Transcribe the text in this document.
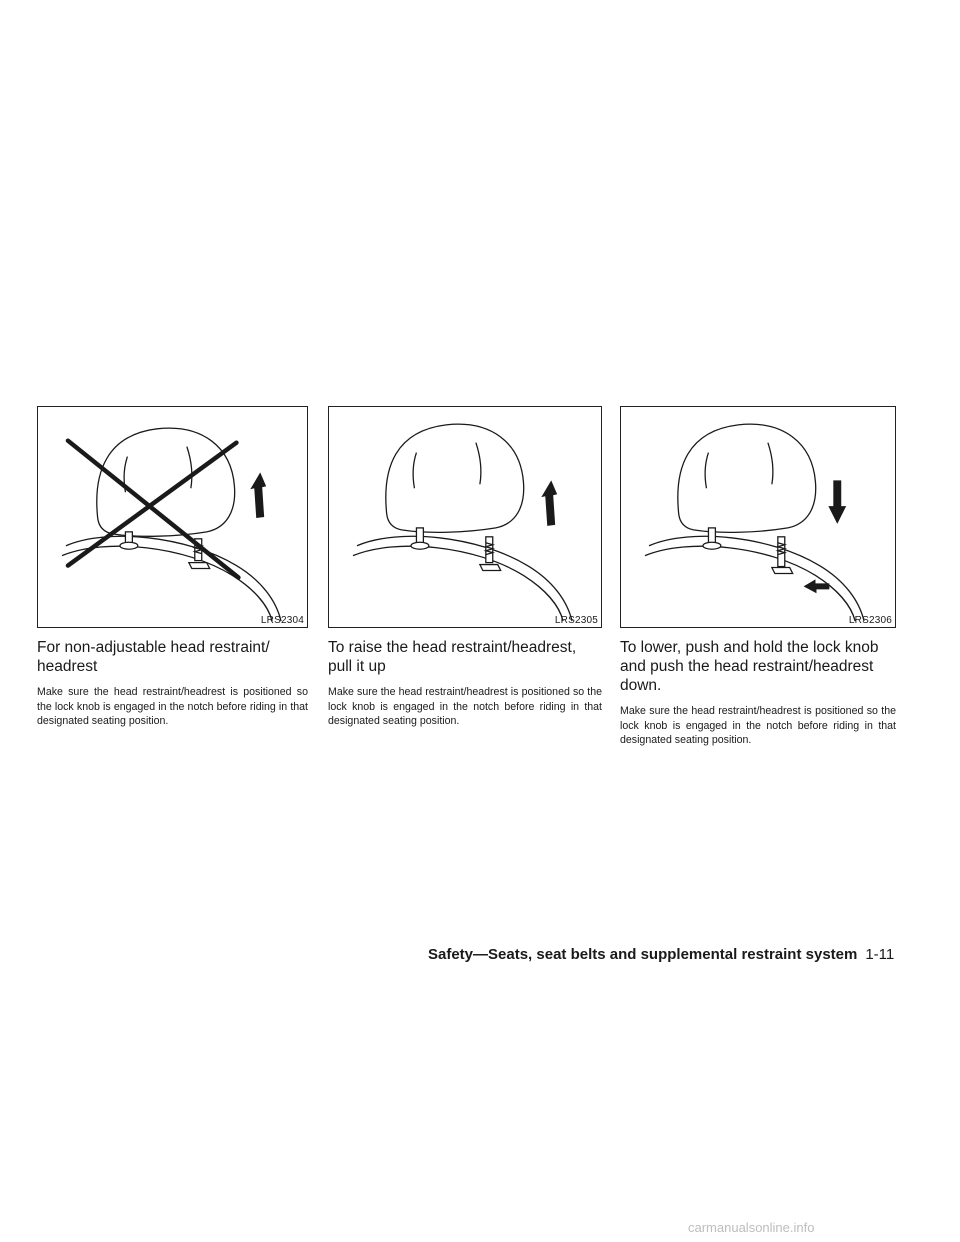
LRS2304
For non-adjustable head restraint/ headrest

Make sure the head restraint/headrest is positioned so the lock knob is engaged in the notch before riding in that designated seating position.

LRS2305
To raise the head restraint/headrest, pull it up

Make sure the head restraint/headrest is positioned so the lock knob is engaged in the notch before riding in that designated seating position.

LRS2306
To lower, push and hold the lock knob and push the head restraint/headrest down.

Make sure the head restraint/headrest is positioned so the lock knob is engaged in the notch before riding in that designated seating position.

Safety—Seats, seat belts and supplemental restraint system 1-11
carmanualsonline.info
